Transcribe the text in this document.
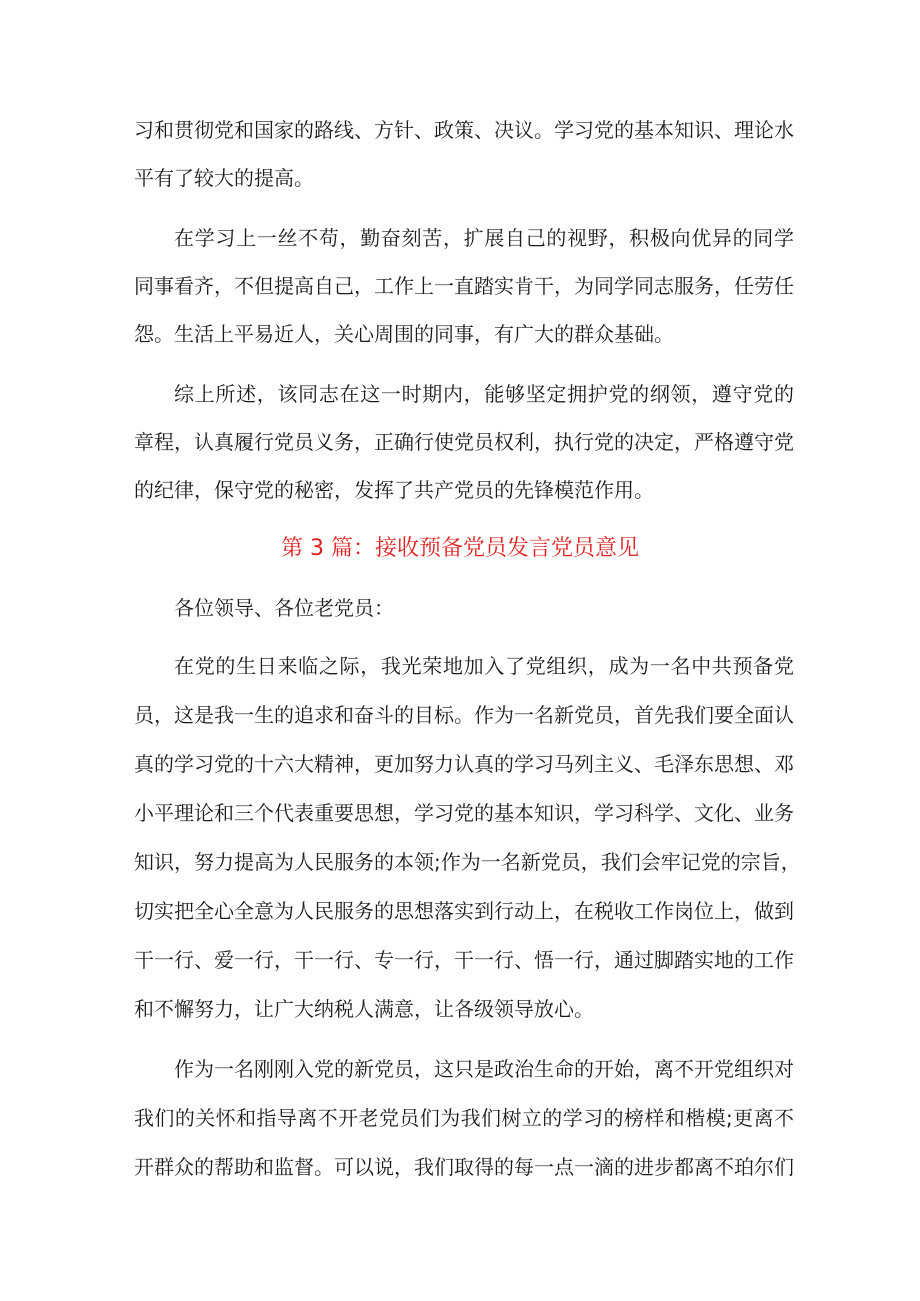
习和贯彻党和国家的路线、方针、政策、决议。学习党的基本知识、理论水
平有了较大的提高。
在学习上一丝不苟，勤奋刻苦，扩展自己的视野，积极向优异的同学
同事看齐，不但提高自己，工作上一直踏实肯干，为同学同志服务，任劳任
怨。生活上平易近人，关心周围的同事，有广大的群众基础。
综上所述，该同志在这一时期内，能够坚定拥护党的纲领，遵守党的
章程，认真履行党员义务，正确行使党员权利，执行党的决定，严格遵守党
的纪律，保守党的秘密，发挥了共产党员的先锋模范作用。
第 3 篇：接收预备党员发言党员意见
各位领导、各位老党员：
在党的生日来临之际，我光荣地加入了党组织，成为一名中共预备党
员，这是我一生的追求和奋斗的目标。作为一名新党员，首先我们要全面认
真的学习党的十六大精神，更加努力认真的学习马列主义、毛泽东思想、邓
小平理论和三个代表重要思想，学习党的基本知识，学习科学、文化、业务
知识，努力提高为人民服务的本领;作为一名新党员，我们会牢记党的宗旨，
切实把全心全意为人民服务的思想落实到行动上，在税收工作岗位上，做到
干一行、爱一行，干一行、专一行，干一行、悟一行，通过脚踏实地的工作
和不懈努力，让广大纳税人满意，让各级领导放心。
作为一名刚刚入党的新党员，这只是政治生命的开始，离不开党组织对
我们的关怀和指导离不开老党员们为我们树立的学习的榜样和楷模;更离不
开群众的帮助和监督。可以说，我们取得的每一点一滴的进步都离不珀尔们
